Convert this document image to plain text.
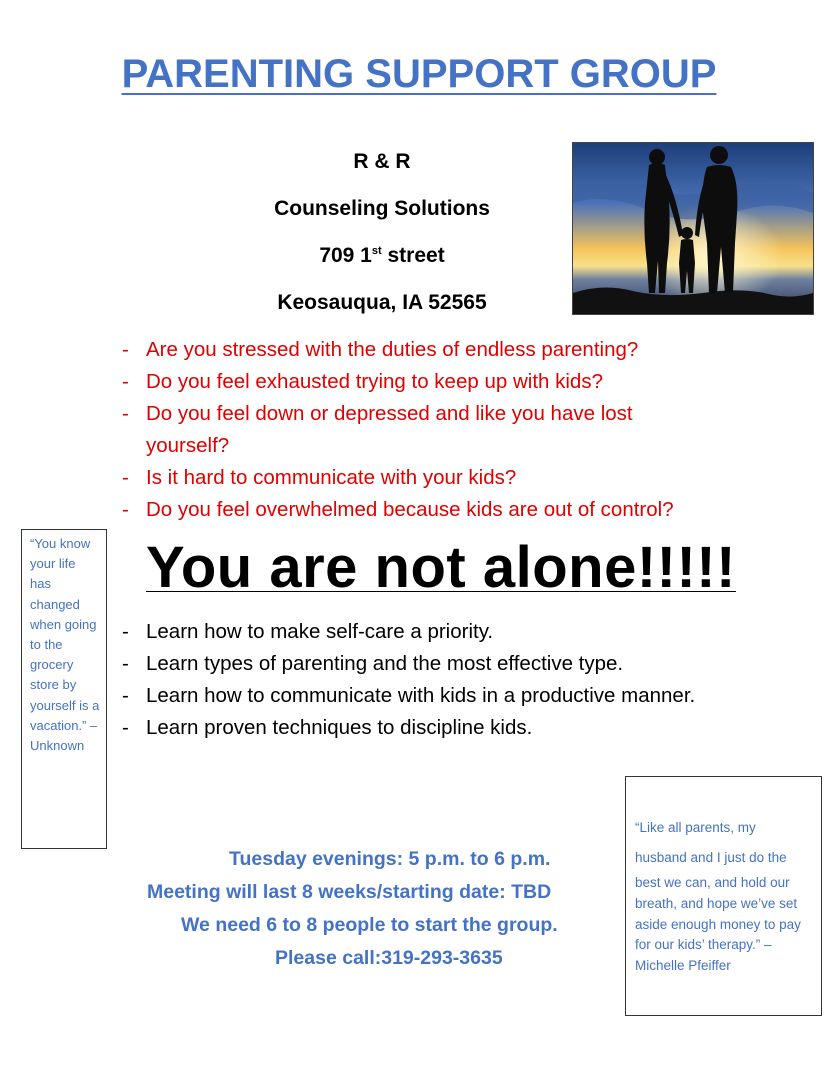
PARENTING SUPPORT GROUP
R & R
Counseling Solutions
709 1st street
Keosauqua, IA 52565
- Are you stressed with the duties of endless parenting?
- Do you feel exhausted trying to keep up with kids?
- Do you feel down or depressed and like you have lost yourself?
- Is it hard to communicate with your kids?
- Do you feel overwhelmed because kids are out of control?
You are not alone!!!!!
- Learn how to make self-care a priority.
- Learn types of parenting and the most effective type.
- Learn how to communicate with kids in a productive manner.
- Learn proven techniques to discipline kids.
“You know your life has changed when going to the grocery store by yourself is a vacation.” – Unknown
“Like all parents, my
husband and I just do the
best we can, and hold our
breath, and hope we’ve set aside enough money to pay for our kids’ therapy.” – Michelle Pfeiffer
Tuesday evenings: 5 p.m. to 6 p.m.
Meeting will last 8 weeks/starting date: TBD
We need 6 to 8 people to start the group.
Please call:319-293-3635
